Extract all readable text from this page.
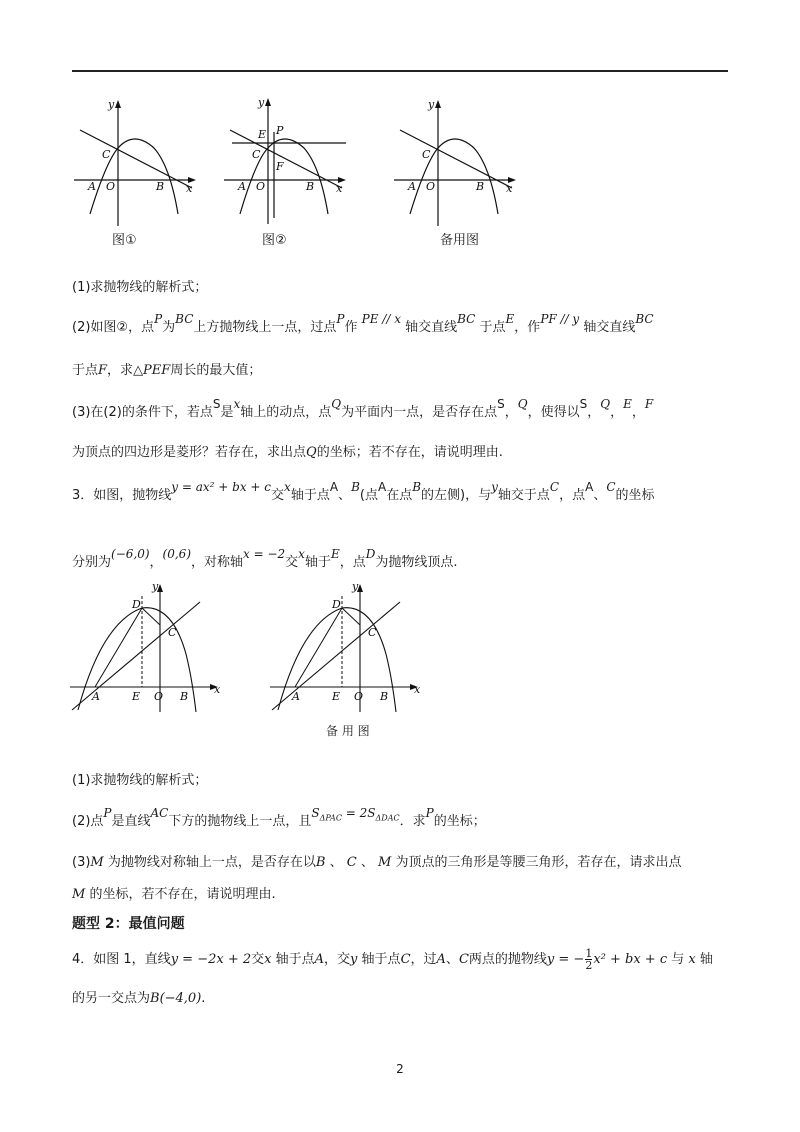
y
x
C
A O	B
图①
y
x
E P
C
F
A O	B
图②
y
x
C
A O	B
备用图
(1)求抛物线的解析式；
(2)如图②，点P为BC上方抛物线上一点，过点P作 PE // x 轴交直线BC 于点E，作PF // y 轴交直线BC
于点F，求△PEF周长的最大值；
(3)在(2)的条件下，若点S是x轴上的动点，点Q为平面内一点，是否存在点S，Q，使得以S，Q，E，F
为顶点的四边形是菱形？若存在，求出点Q的坐标；若不存在，请说明理由.
3．如图，抛物线y = ax² + bx + c交x轴于点A、B(点A在点B的左侧)，与y轴交于点C，点A、C的坐标
分别为(−6,0)，(0,6)，对称轴x = −2交x轴于E，点D为抛物线顶点.
y
x
D
C
A	E O B
y
x
D
C
A	E O B
备 用 图
(1)求抛物线的解析式；
(2)点P是直线AC下方的抛物线上一点，且$S_{\Delta PAC} = 2S_{\Delta DAC}$．求P的坐标；
(3)M 为抛物线对称轴上一点，是否存在以B 、 C 、 M 为顶点的三角形是等腰三角形，若存在，请求出点
M 的坐标，若不存在，请说明理由.
题型 2：最值问题
4．如图 1，直线y = −2x + 2交x 轴于点A，交y 轴于点C，过A、C两点的抛物线y = − $\frac{1}{2} x^2$ + bx + c 与 x 轴
的另一交点为B(−4,0).
2
